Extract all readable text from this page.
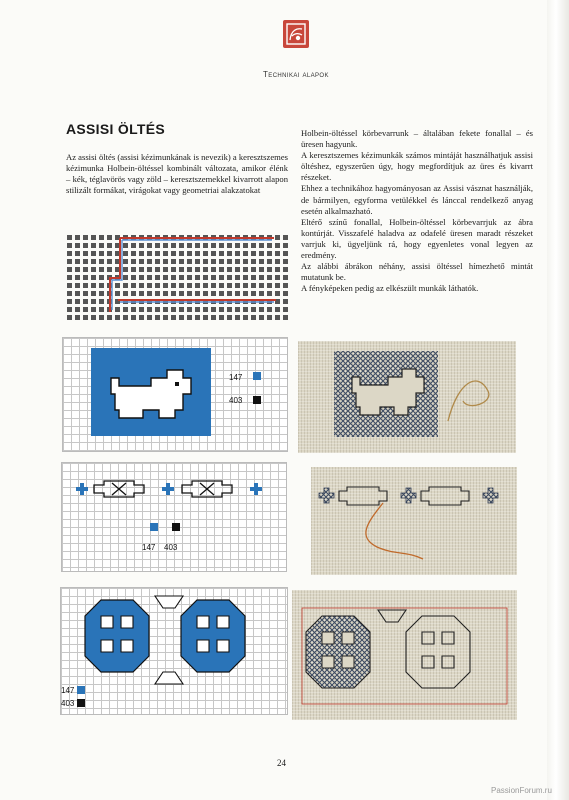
Technikai alapok
ASSISI ÖLTÉS

Az assisi öltés (assisi kézimunkának is nevezik) a keresztszemes kézimunka Holbein-öltéssel kombinált változata, amikor élénk – kék, téglavörös vagy zöld – keresztszemekkel kivarrott alapon stilizált formákat, virágokat vagy geometriai alakzatokat

Holbein-öltéssel körbevarrunk – általában fekete fonallal – és üresen hagyunk.

A keresztszemes kézimunkák számos mintáját használhatjuk assisi öltéshez, egyszerűen úgy, hogy megfordítjuk az üres és kivarrt részeket.

Ehhez a technikához hagyományosan az Assisi vásznat használják, de bármilyen, egyforma vetülékkel és lánccal rendelkező anyag esetén alkalmazható.

Eltérő színű fonallal, Holbein-öltéssel körbevarrjuk az ábra kontúrját. Visszafelé haladva az odafelé üresen maradt részeket varrjuk ki, ügyeljünk rá, hogy egyenletes vonal legyen az eredmény.

Az alábbi ábrákon néhány, assisi öltéssel hímezhető mintát mutatunk be.

A fényképeken pedig az elkészült munkák láthatók.

147
403
147 403
147
403
24
PassionForum.ru
